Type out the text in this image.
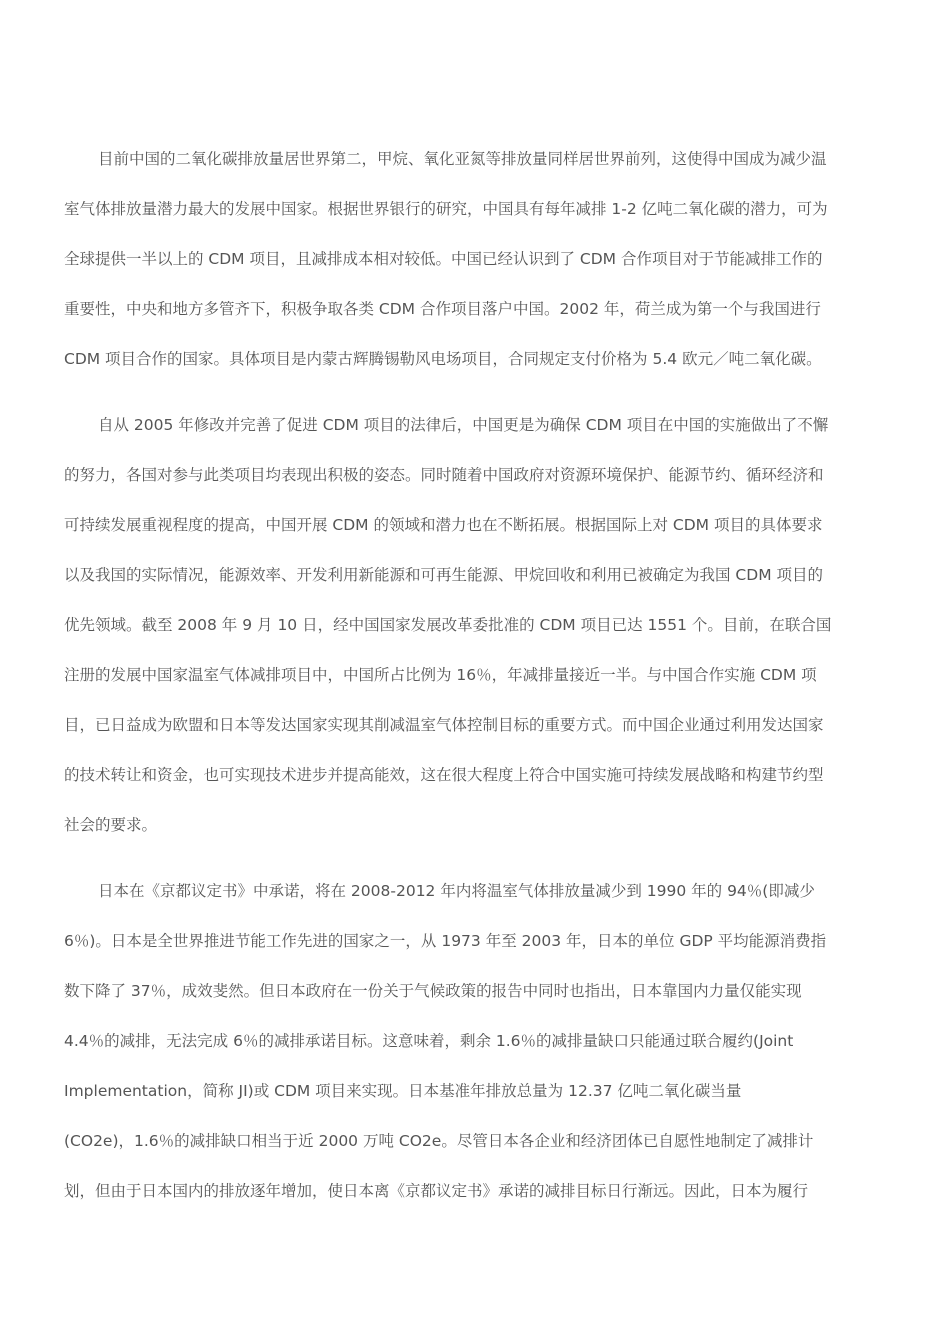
目前中国的二氧化碳排放量居世界第二，甲烷、氧化亚氮等排放量同样居世界前列，这使得中国成为减少温
室气体排放量潜力最大的发展中国家。根据世界银行的研究，中国具有每年减排 1-2 亿吨二氧化碳的潜力，可为
全球提供一半以上的 CDM 项目，且减排成本相对较低。中国已经认识到了 CDM 合作项目对于节能减排工作的
重要性，中央和地方多管齐下，积极争取各类 CDM 合作项目落户中国。2002 年，荷兰成为第一个与我国进行
CDM 项目合作的国家。具体项目是内蒙古辉腾锡勒风电场项目，合同规定支付价格为 5.4 欧元／吨二氧化碳。
自从 2005 年修改并完善了促进 CDM 项目的法律后，中国更是为确保 CDM 项目在中国的实施做出了不懈
的努力，各国对参与此类项目均表现出积极的姿态。同时随着中国政府对资源环境保护、能源节约、循环经济和
可持续发展重视程度的提高，中国开展 CDM 的领域和潜力也在不断拓展。根据国际上对 CDM 项目的具体要求
以及我国的实际情况，能源效率、开发利用新能源和可再生能源、甲烷回收和利用已被确定为我国 CDM 项目的
优先领域。截至 2008 年 9 月 10 日，经中国国家发展改革委批准的 CDM 项目已达 1551 个。目前，在联合国
注册的发展中国家温室气体减排项目中，中国所占比例为 16％，年减排量接近一半。与中国合作实施 CDM 项
目，已日益成为欧盟和日本等发达国家实现其削减温室气体控制目标的重要方式。而中国企业通过利用发达国家
的技术转让和资金，也可实现技术进步并提高能效，这在很大程度上符合中国实施可持续发展战略和构建节约型
社会的要求。
日本在《京都议定书》中承诺，将在 2008-2012 年内将温室气体排放量减少到 1990 年的 94％(即减少
6％)。日本是全世界推进节能工作先进的国家之一，从 1973 年至 2003 年，日本的单位 GDP 平均能源消费指
数下降了 37％，成效斐然。但日本政府在一份关于气候政策的报告中同时也指出，日本靠国内力量仅能实现
4.4％的减排，无法完成 6％的减排承诺目标。这意味着，剩余 1.6％的减排量缺口只能通过联合履约(Joint
Implementation，简称 JI)或 CDM 项目来实现。日本基准年排放总量为 12.37 亿吨二氧化碳当量
(CO2e)，1.6％的减排缺口相当于近 2000 万吨 CO2e。尽管日本各企业和经济团体已自愿性地制定了减排计
划，但由于日本国内的排放逐年增加，使日本离《京都议定书》承诺的减排目标日行渐远。因此，日本为履行
